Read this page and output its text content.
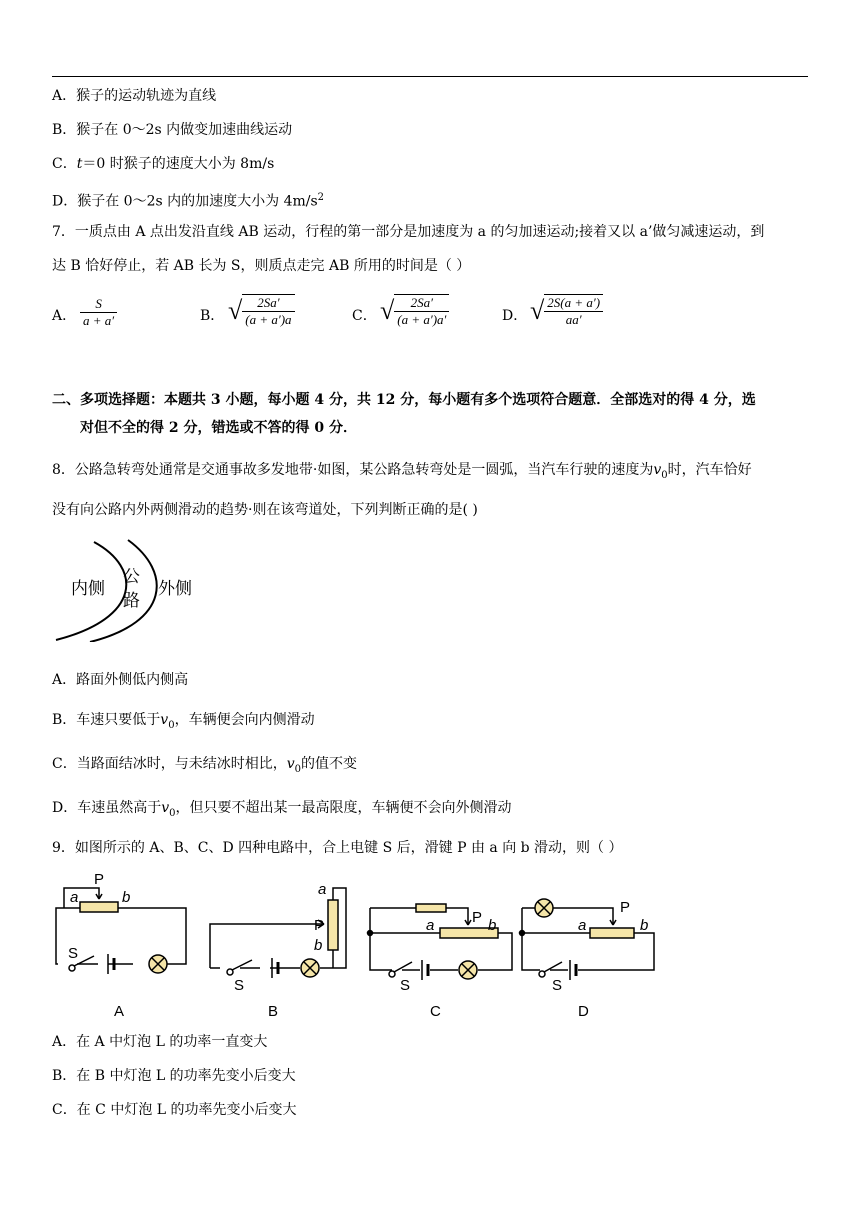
A．猴子的运动轨迹为直线
B．猴子在 0～2s 内做变加速曲线运动
C．t＝0 时猴子的速度大小为 8m/s
D．猴子在 0～2s 内的加速度大小为 $4m/s^2$
7．一质点由 A 点出发沿直线 AB 运动，行程的第一部分是加速度为 a 的匀加速运动;接着又以 a’做匀减速运动，到
达 B 恰好停止，若 AB 长为 S，则质点走完 AB 所用的时间是（ ）
A． $\frac{S}{a + a'}$	B． √ $\frac{2Sa'}{(a + a')a}$	C． √ $\frac{2Sa'}{(a + a')a'}$	D． √ $\frac{2S(a + a')}{aa'}$
二、多项选择题：本题共 3 小题，每小题 4 分，共 12 分，每小题有多个选项符合题意．全部选对的得 4 分，选
对但不全的得 2 分，错选或不答的得 0 分．
8．公路急转弯处通常是交通事故多发地带·如图，某公路急转弯处是一圆弧，当汽车行驶的速度为$v_0$时，汽车恰好
没有向公路内外两侧滑动的趋势·则在该弯道处，下列判断正确的是( )
内侧
公
路
外侧
A．路面外侧低内侧高
B．车速只要低于$v_0$，车辆便会向内侧滑动
C．当路面结冰时，与未结冰时相比，$v_0$的值不变
D．车速虽然高于$v_0$，但只要不超出某一最高限度，车辆便不会向外侧滑动
9．如图所示的 A、B、C、D 四种电路中，合上电键 S 后，滑键 P 由 a 向 b 滑动，则（ ）
a	b
P
S
A
a
P
b
S
B
a	P b
S
C
a
P
b
S
D
A．在 A 中灯泡 L 的功率一直变大
B．在 B 中灯泡 L 的功率先变小后变大
C．在 C 中灯泡 L 的功率先变小后变大
